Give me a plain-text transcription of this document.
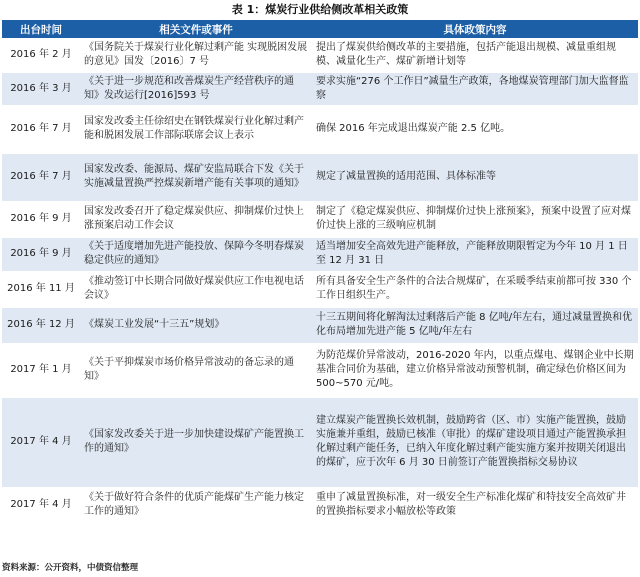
表 1：煤炭行业供给侧改革相关政策
出台时间	相关文件或事件	具体政策内容
2016 年 2 月	《国务院关于煤炭行业化解过剩产能 实现脱困发展的意见》国发〔2016〕7 号	提出了煤炭供给侧改革的主要措施，包括产能退出规模、减量重组规模、减量化生产、煤矿新增计划等
2016 年 3 月	《关于进一步规范和改善煤炭生产经营秩序的通知》发改运行[2016]593 号	要求实施“276 个工作日”减量生产政策，各地煤炭管理部门加大监督监察
2016 年 7 月	国家发改委主任徐绍史在钢铁煤炭行业化解过剩产能和脱困发展工作部际联席会议上表示	确保 2016 年完成退出煤炭产能 2.5 亿吨。
2016 年 7 月	国家发改委、能源局、煤矿安监局联合下发《关于实施减量置换严控煤炭新增产能有关事项的通知》	规定了减量置换的适用范围、具体标准等
2016 年 9 月	国家发改委召开了稳定煤炭供应、抑制煤价过快上涨预案启动工作会议	制定了《稳定煤炭供应、抑制煤价过快上涨预案》，预案中设置了应对煤价过快上涨的三级响应机制
2016 年 9 月	《关于适度增加先进产能投放、保障今冬明春煤炭稳定供应的通知》	适当增加安全高效先进产能释放，产能释放期限暂定为今年 10 月 1 日至 12 月 31 日
2016 年 11 月	《推动签订中长期合同做好煤炭供应工作电视电话会议》	所有具备安全生产条件的合法合规煤矿，在采暖季结束前都可按 330 个工作日组织生产。
2016 年 12 月	《煤炭工业发展“十三五”规划》	十三五期间将化解淘汰过剩落后产能 8 亿吨/年左右，通过减量置换和优化布局增加先进产能 5 亿吨/年左右
2017 年 1 月	《关于平抑煤炭市场价格异常波动的备忘录的通知》	为防范煤价异常波动，2016-2020 年内，以重点煤电、煤钢企业中长期基准合同价为基础，建立价格异常波动预警机制，确定绿色价格区间为 500~570 元/吨。
2017 年 4 月	《国家发改委关于进一步加快建设煤矿产能置换工作的通知》	建立煤炭产能置换长效机制，鼓励跨省（区、市）实施产能置换，鼓励实施兼并重组，鼓励已核准（审批）的煤矿建设项目通过产能置换承担化解过剩产能任务，已纳入年度化解过剩产能实施方案并按期关闭退出的煤矿，应于次年 6 月 30 日前签订产能置换指标交易协议
2017 年 4 月	《关于做好符合条件的优质产能煤矿生产能力核定工作的通知》	重申了减量置换标准，对一级安全生产标准化煤矿和特技安全高效矿井的置换指标要求小幅放松等政策
资料来源：公开资料，中债资信整理
